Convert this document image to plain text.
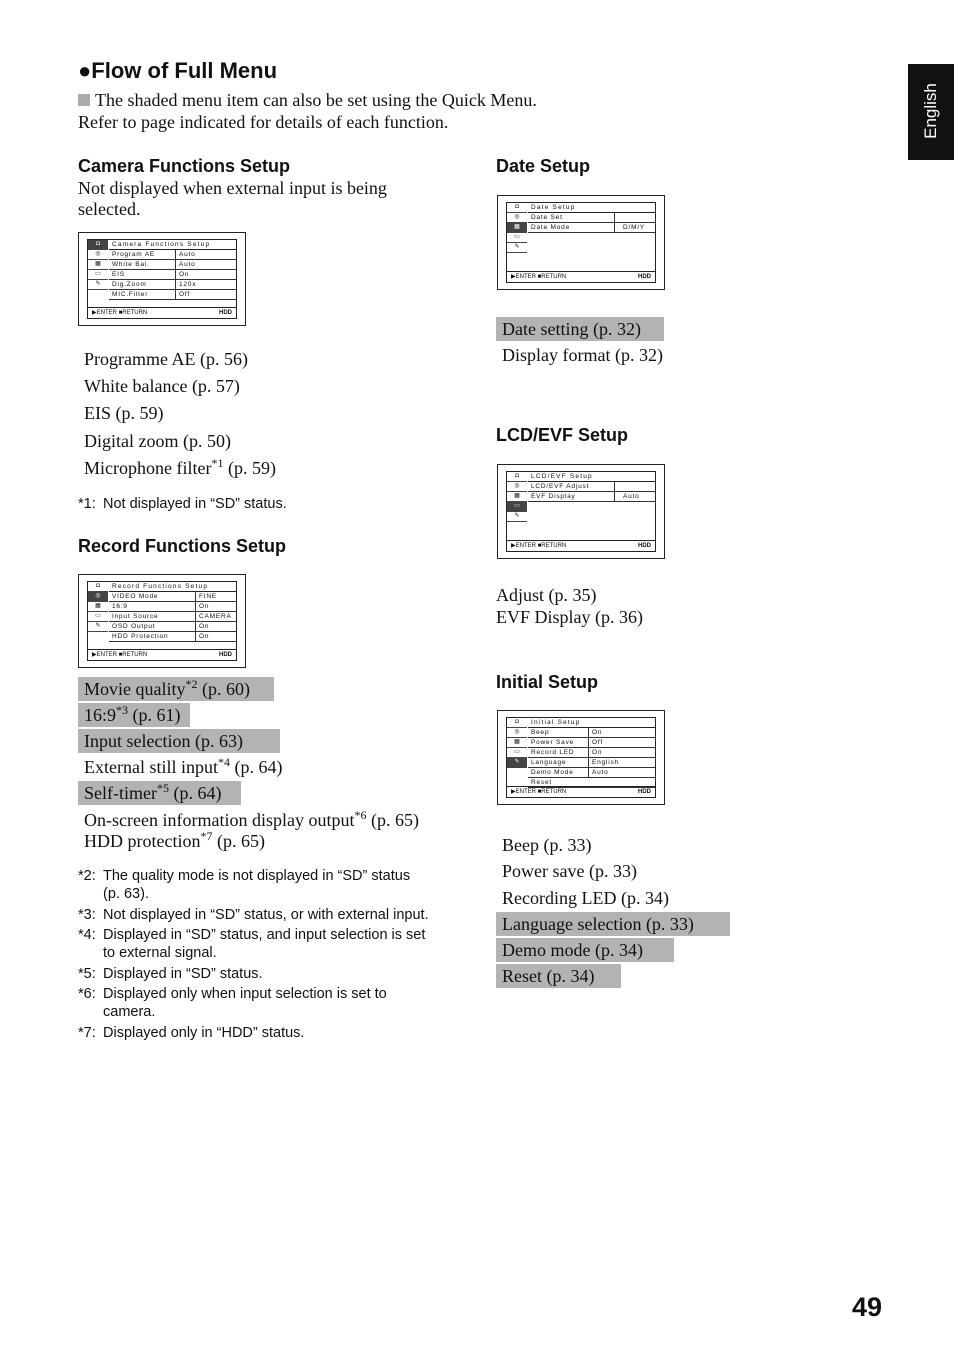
●Flow of Full Menu
The shaded menu item can also be set using the Quick Menu.
Refer to page indicated for details of each function.	English
Camera Functions Setup
Not displayed when external input is being
selected.
◘
◎
▦
▭
✎
Camera Functions Setup
Program AE	Auto
White Bal.	Auto
EIS	On
Dig.Zoom	120x
MIC.Filter	Off
▶ENTER ■RETURN	HDD
Programme AE (p. 56)
White balance (p. 57)
EIS (p. 59)
Digital zoom (p. 50)
Microphone filter$^{*1}$ (p. 59)
*1: Not displayed in “SD” status.
Record Functions Setup
◘
◎
▦
▭
✎
Record Functions Setup
VIDEO Mode	FINE
16:9	On
Input Source	CAMERA
OSD Output	On
HDD Protection	On
▶ENTER ■RETURN	HDD
Movie quality$^{*2}$ (p. 60)
16:9$^{*3}$ (p. 61)
Input selection (p. 63)
External still input$^{*4}$ (p. 64)
Self-timer$^{*5}$ (p. 64)
On-screen information display output$^{*6}$ (p. 65)
HDD protection$^{*7}$ (p. 65)
*2: The quality mode is not displayed in “SD” status
(p. 63).
*3: Not displayed in “SD” status, or with external input.
*4: Displayed in “SD” status, and input selection is set
to external signal.
*5: Displayed in “SD” status.
*6: Displayed only when input selection is set to
camera.
*7: Displayed only in “HDD” status.
Date Setup
◘
◎
▦
▭
✎
Date Setup
Date Set
Date Mode	D/M/Y
▶ENTER ■RETURN	HDD
Date setting (p. 32)
Display format (p. 32)
LCD/EVF Setup
◘
◎
▦
▭
✎
LCD/EVF Setup
LCD/EVF Adjust
EVF Display	Auto
▶ENTER ■RETURN	HDD
Adjust (p. 35)
EVF Display (p. 36)
Initial Setup
◘
◎
▦
▭
✎
Initial Setup
Beep	On
Power Save	Off
Record LED	On
Language	English
Demo Mode	Auto
Reset
▶ENTER ■RETURN	HDD
Beep (p. 33)
Power save (p. 33)
Recording LED (p. 34)
Language selection (p. 33)
Demo mode (p. 34)
Reset (p. 34)
49
